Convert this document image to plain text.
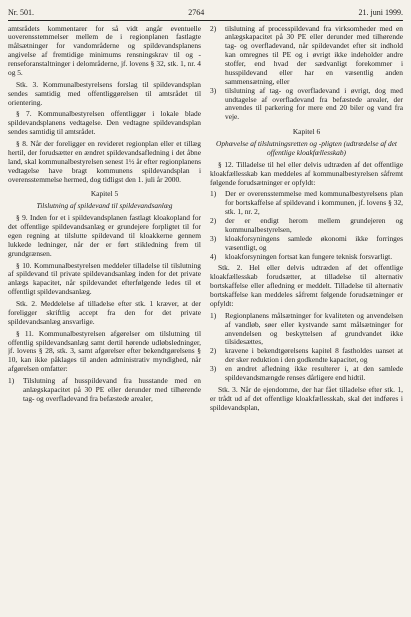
Nr. 501.	2764	21. juni 1999.

amtsrådets kommentarer for så vidt angår eventuelle uoverensstemmelser mellem de i regionplanen fastlagte målsætninger for vandområderne og spildevandsplanens angivelse af fremtidige minimums rensningskrav til og -renseforanstaltninger i delområderne, jf. lovens § 32, stk. 1, nr. 4 og 5.

Stk. 3. Kommunalbestyrelsens forslag til spildevandsplan sendes samtidig med offentliggørelsen til amtsrådet til orientering.

§ 7. Kommunalbestyrelsen offentliggør i lokale blade spildevandsplanens vedtagelse. Den vedtagne spildevandsplan sendes samtidig til amtsrådet.

§ 8. Når der foreligger en revideret regionplan eller et tillæg hertil, der forudsætter en ændret spildevandsafledning i det åbne land, skal kommunalbestyrelsen senest 1½ år efter regionplanens vedtagelse have bragt kommunens spildevandsplan i overensstemmelse hermed, dog tidligst den 1. juli år 2000.

Kapitel 5
Tilslutning af spildevand til spildevandsanlæg

§ 9. Inden for et i spildevandsplanen fastlagt kloakopland for det offentlige spildevandsanlæg er grundejere forpligtet til for egen regning at tilslutte spildevand til kloakkerne gennem lukkede ledninger, når der er ført stikledning frem til grundgrænsen.

§ 10. Kommunalbestyrelsen meddeler tilladelse til tilslutning af spildevand til private spildevandsanlæg inden for det private anlægs kapacitet, når spildevandet efterfølgende ledes til et offentligt spildevandsanlæg.

Stk. 2. Meddelelse af tilladelse efter stk. 1 kræver, at der foreligger skriftlig accept fra den for det private spildevandsanlæg ansvarlige.

§ 11. Kommunalbestyrelsen afgørelser om tilslutning til offentlig spildevandsanlæg samt dertil hørende udløbsledninger, jf. lovens § 28, stk. 3, samt afgørelser efter bekendtgørelsens § 10, kan ikke påklages til anden administrativ myndighed, når afgørelsen omfatter:

1)	Tilslutning af husspildevand fra husstande med en anlægskapacitet på 30 PE eller derunder med tilhørende tag- og overfladevand fra befæstede arealer,
2)	tilslutning af processpildevand fra virksomheder med en anlægskapacitet på 30 PE eller derunder med tilhørende tag- og overfladevand, når spildevandet efter sit indhold kan omregnes til PE og i øvrigt ikke indeholder andre stoffer, end hvad der sædvanligt forekommer i husspildevand eller har en væsentlig anden sammensætning, eller
3)	tilslutning af tag- og overfladevand i øvrigt, dog med undtagelse af overfladevand fra befæstede arealer, der anvendes til parkering for mere end 20 biler og vand fra veje.
Kapitel 6
Ophævelse af tilslutningsretten og -pligten (udtrædelse af det offentlige kloakfællesskab)

§ 12. Tilladelse til hel eller delvis udtræden af det offentlige kloakfællesskab kan meddeles af kommunalbestyrelsen såfremt følgende forudsætninger er opfyldt:

1)	Der er overensstemmelse med kommunalbestyrelsens plan for bortskaffelse af spildevand i kommunen, jf. lovens § 32, stk. 1, nr. 2,
2)	der er endigt herom mellem grundejeren og kommunalbestyrelsen,
3)	kloakforsyningens samlede økonomi ikke forringes væsentligt, og
4)	kloakforsyningen fortsat kan fungere teknisk forsvarligt.

Stk. 2. Hel eller delvis udtræden af det offentlige kloakfællesskab forudsætter, at tilladelse til alternativ bortskaffelse eller afledning er meddelt. Tilladelse til alternativ bortskaffelse kan meddeles såfremt følgende forudsætninger er opfyldt:

1)	Regionplanens målsætninger for kvaliteten og anvendelsen af vandløb, søer eller kystvande samt målsætninger for anvendelsen og beskyttelsen af grundvandet ikke tilsidesættes,
2)	kravene i bekendtgørelsens kapitel 8 fastholdes uanset at der sker reduktion i den godkendte kapacitet, og
3)	en ændret afledning ikke resulterer i, at den samlede spildevandsmængde renses dårligere end hidtil.

Stk. 3. Når de ejendomme, der har fået tilladelse efter stk. 1, er trådt ud af det offentlige kloakfællesskab, skal det indføres i spildevandsplan,
